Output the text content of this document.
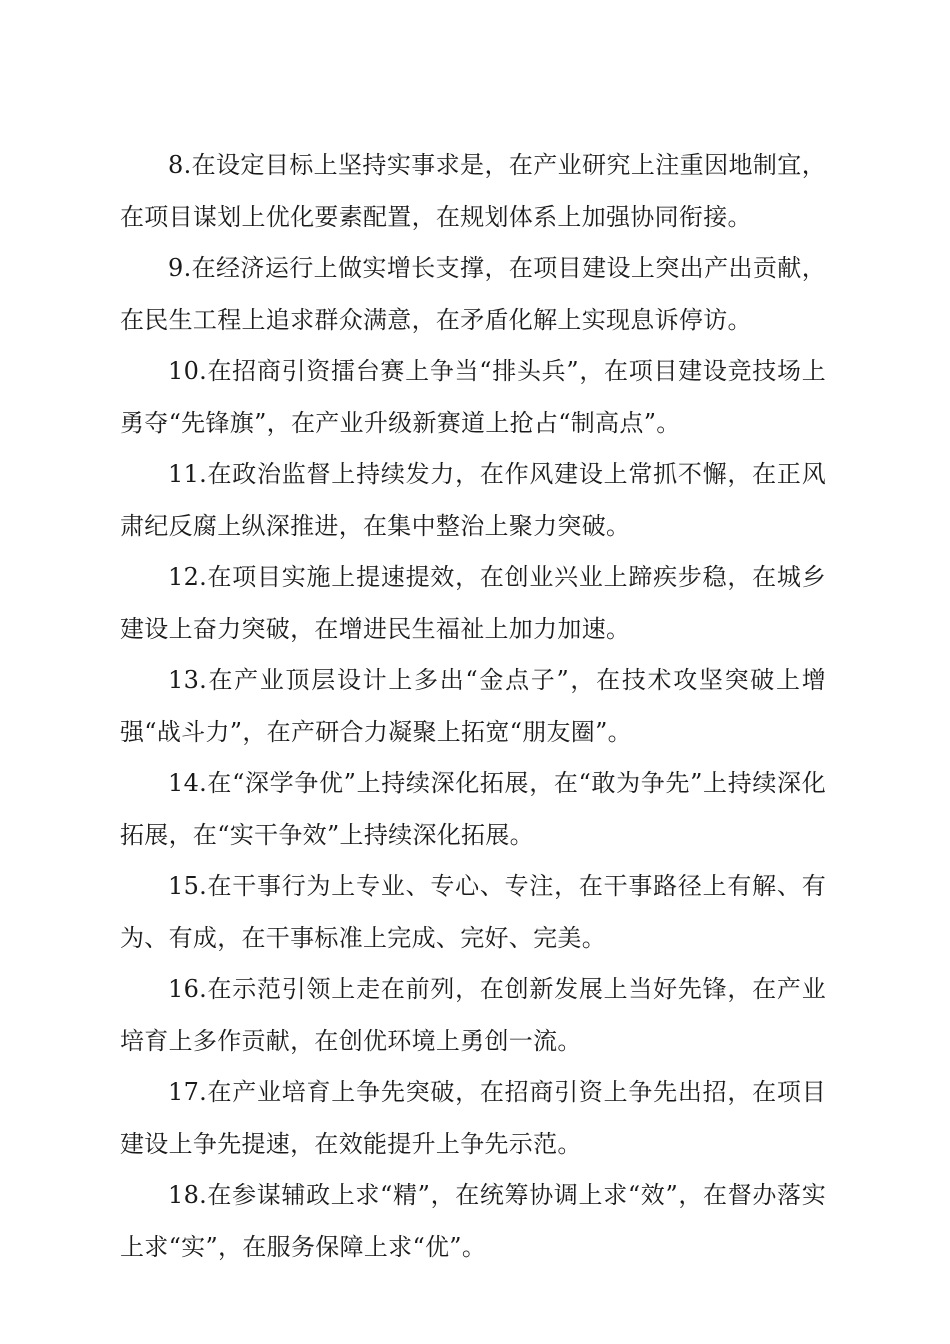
8.在设定目标上坚持实事求是，在产业研究上注重因地制宜，在项目谋划上优化要素配置，在规划体系上加强协同衔接。

9.在经济运行上做实增长支撑，在项目建设上突出产出贡献，在民生工程上追求群众满意，在矛盾化解上实现息诉停访。

10.在招商引资擂台赛上争当“排头兵”，在项目建设竞技场上勇夺“先锋旗”，在产业升级新赛道上抢占“制高点”。

11.在政治监督上持续发力，在作风建设上常抓不懈，在正风肃纪反腐上纵深推进，在集中整治上聚力突破。

12.在项目实施上提速提效，在创业兴业上蹄疾步稳，在城乡建设上奋力突破，在增进民生福祉上加力加速。

13.在产业顶层设计上多出“金点子”，在技术攻坚突破上增强“战斗力”，在产研合力凝聚上拓宽“朋友圈”。

14.在“深学争优”上持续深化拓展，在“敢为争先”上持续深化拓展，在“实干争效”上持续深化拓展。

15.在干事行为上专业、专心、专注，在干事路径上有解、有为、有成，在干事标准上完成、完好、完美。

16.在示范引领上走在前列，在创新发展上当好先锋，在产业培育上多作贡献，在创优环境上勇创一流。

17.在产业培育上争先突破，在招商引资上争先出招，在项目建设上争先提速，在效能提升上争先示范。

18.在参谋辅政上求“精”，在统筹协调上求“效”，在督办落实上求“实”，在服务保障上求“优”。
